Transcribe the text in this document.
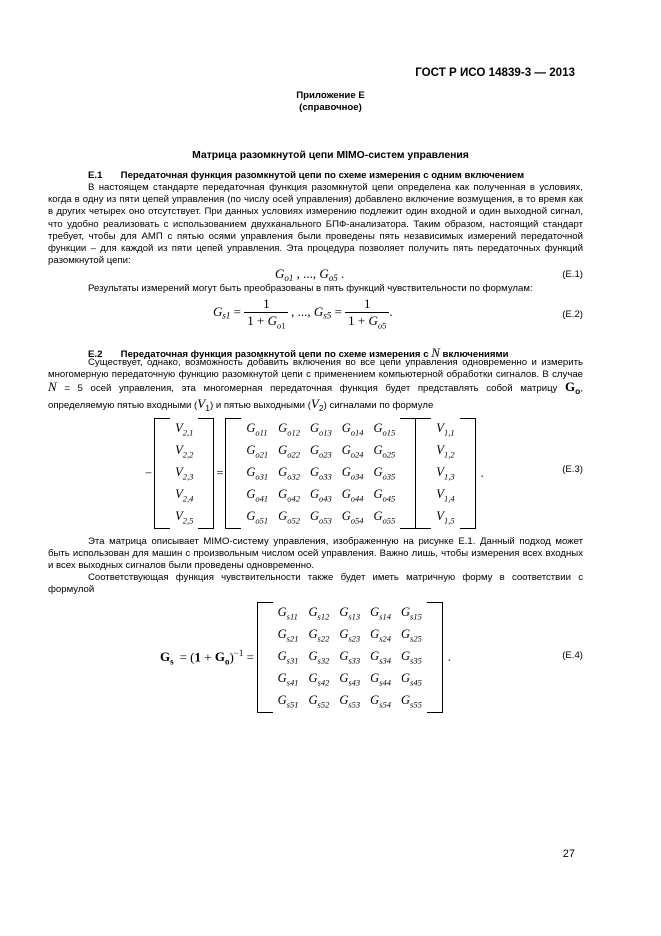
ГОСТ Р ИСО 14839-3 — 2013
Приложение E
(справочное)
Матрица разомкнутой цепи MIMO-систем управления
E.1 Передаточная функция разомкнутой цепи по схеме измерения с одним включением
В настоящем стандарте передаточная функция разомкнутой цепи определена как полученная в условиях, когда в одну из пяти цепей управления (по числу осей управления) добавлено включение возмущения, в то время как в других четырех оно отсутствует. При данных условиях измерению подлежит один входной и один выходной сигнал, что удобно реализовать с использованием двухканального БПФ-анализатора. Таким образом, настоящий стандарт требует, чтобы для АМП с пятью осями управления были проведены пять независимых измерений передаточной функции – для каждой из пяти цепей управления. Эта процедура позволяет получить пять передаточных функций разомкнутой цепи:
$G_{o1}$ , ..., $G_{o5}$ .	(E.1)
Результаты измерений могут быть преобразованы в пять функций чувствительности по формулам:
$G_{s1} = \frac{1}{1 + G_{o1}}$ , ..., $G_{s5} = \frac{1}{1 + G_{o5}}$ .	(E.2)
E.2 Передаточная функция разомкнутой цепи по схеме измерения с N включениями
Существует, однако, возможность добавить включения во все цепи управления одновременно и измерить многомерную передаточную функцию разомкнутой цепи с применением компьютерной обработки сигналов. В случае N = 5 осей управления, эта многомерная передаточная функция будет представлять собой матрицу $G_o$, определяемую пятью входными $(V_1)$ и пятью выходными $(V_2)$ сигналами по формуле
−		$V_{2,1}$		=		$G_{o11}$	$G_{o12}$	$G_{o13}$	$G_{o14}$	$G_{o15}$			$V_{1,1}$		.
		$V_{2,2}$				$G_{o21}$	$G_{o22}$	$G_{o23}$	$G_{o24}$	$G_{o25}$			$V_{1,2}$
		$V_{2,3}$				$G_{o31}$	$G_{o32}$	$G_{o33}$	$G_{o34}$	$G_{o35}$			$V_{1,3}$
		$V_{2,4}$				$G_{o41}$	$G_{o42}$	$G_{o43}$	$G_{o44}$	$G_{o45}$			$V_{1,4}$
		$V_{2,5}$				$G_{o51}$	$G_{o52}$	$G_{o53}$	$G_{o54}$	$G_{o55}$			$V_{1,5}$
(E.3)
Эта матрица описывает MIMO-систему управления, изображенную на рисунке E.1. Данный подход может быть использован для машин с произвольным числом осей управления. Важно лишь, чтобы измерения всех входных и всех выходных сигналов были проведены одновременно.
Соответствующая функция чувствительности также будет иметь матричную форму в соответствии с формулой
$G_s = (1 + G_o)^{-1}$ =	$G_{s11}$	$G_{s12}$	$G_{s13}$	$G_{s14}$	$G_{s15}$		.
	$G_{s21}$	$G_{s22}$	$G_{s23}$	$G_{s24}$	$G_{s25}$
	$G_{s31}$	$G_{s32}$	$G_{s33}$	$G_{s34}$	$G_{s35}$
	$G_{s41}$	$G_{s42}$	$G_{s43}$	$G_{s44}$	$G_{s45}$
	$G_{s51}$	$G_{s52}$	$G_{s53}$	$G_{s54}$	$G_{s55}$
(E.4)
27
